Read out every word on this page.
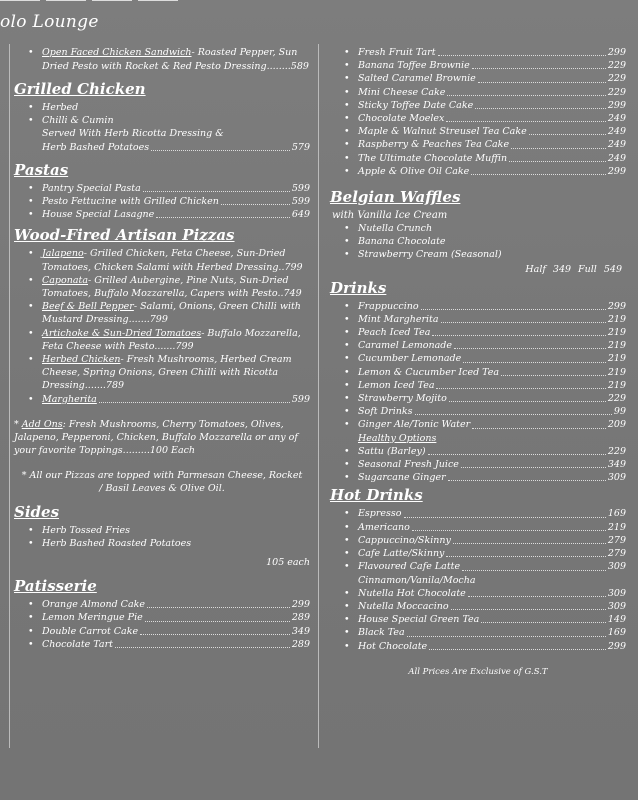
olo Lounge
• Open Faced Chicken Sandwich- Roasted Pepper, Sun Dried Pesto with Rocket & Red Pesto Dressing........589
Grilled Chicken
• Herbed
• Chilli & Cumin
Served With Herb Ricotta Dressing &
Herb Bashed Potatoes	579
Pastas
• Pantry Special Pasta	599
• Pesto Fettucine with Grilled Chicken	599
• House Special Lasagne	649
Wood-Fired Artisan Pizzas
• Jalapeno- Grilled Chicken, Feta Cheese, Sun-Dried Tomatoes, Chicken Salami with Herbed Dressing..799
• Caponata- Grilled Aubergine, Pine Nuts, Sun-Dried Tomatoes, Buffalo Mozzarella, Capers with Pesto..749
• Beef & Bell Pepper- Salami, Onions, Green Chilli with Mustard Dressing.......799
• Artichoke & Sun-Dried Tomatoes- Buffalo Mozzarella, Feta Cheese with Pesto.......799
• Herbed Chicken- Fresh Mushrooms, Herbed Cream Cheese, Spring Onions, Green Chilli with Ricotta Dressing.......789
• Margherita	599
* Add Ons: Fresh Mushrooms, Cherry Tomatoes, Olives, Jalapeno, Pepperoni, Chicken, Buffalo Mozzarella or any of your favorite Toppings.........100 Each
* All our Pizzas are topped with Parmesan Cheese, Rocket / Basil Leaves & Olive Oil.
Sides
• Herb Tossed Fries
• Herb Bashed Roasted Potatoes
105 each
Patisserie
• Orange Almond Cake	299
• Lemon Meringue Pie	289
• Double Carrot Cake	349
• Chocolate Tart	289
• Fresh Fruit Tart	299
• Banana Toffee Brownie	229
• Salted Caramel Brownie	229
• Mini Cheese Cake	229
• Sticky Toffee Date Cake	299
• Chocolate Moelex	249
• Maple & Walnut Streusel Tea Cake	249
• Raspberry & Peaches Tea Cake	249
• The Ultimate Chocolate Muffin	249
• Apple & Olive Oil Cake	299
Belgian Waffles
with Vanilla Ice Cream
• Nutella Crunch
• Banana Chocolate
• Strawberry Cream (Seasonal)
Half 349 Full 549
Drinks
• Frappuccino	299
• Mint Margherita	219
• Peach Iced Tea	219
• Caramel Lemonade	219
• Cucumber Lemonade	219
• Lemon & Cucumber Iced Tea	219
• Lemon Iced Tea	219
• Strawberry Mojito	229
• Soft Drinks	99
• Ginger Ale/Tonic Water	209
Healthy Options
• Sattu (Barley)	229
• Seasonal Fresh Juice	349
• Sugarcane Ginger	309
Hot Drinks
• Espresso	169
• Americano	219
• Cappuccino/Skinny	279
• Cafe Latte/Skinny	279
• Flavoured Cafe Latte	309
Cinnamon/Vanila/Mocha
• Nutella Hot Chocolate	309
• Nutella Moccacino	309
• House Special Green Tea	149
• Black Tea	169
• Hot Chocolate	299
All Prices Are Exclusive of G.S.T
